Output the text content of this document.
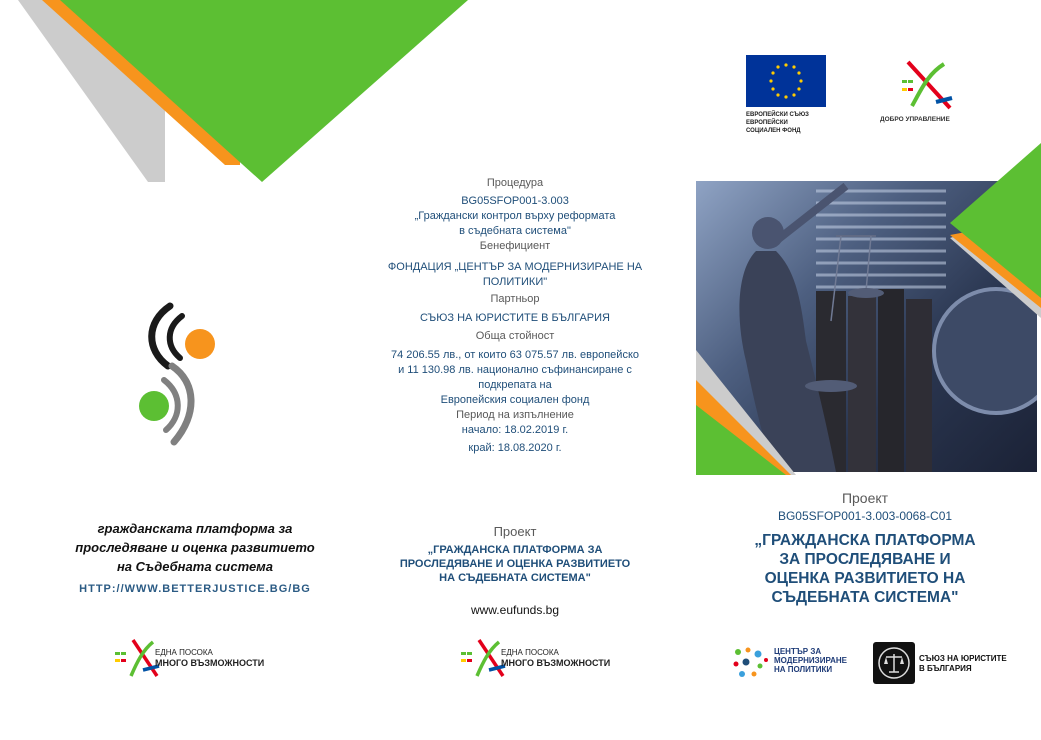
ЕВРОПЕЙСКИ СЪЮЗ
ЕВРОПЕЙСКИ
СОЦИАЛЕН ФОНД
ДОБРО УПРАВЛЕНИЕ
гражданската платформа за
проследяване и оценка развитието
на Съдебната система
HTTP://WWW.BETTERJUSTICE.BG/BG
ЕДНА ПОСОКА
МНОГО ВЪЗМОЖНОСТИ
Процедура
BG05SFOP001-3.003
„Граждански контрол върху реформата
в съдебната система"
Бенефициент
ФОНДАЦИЯ „ЦЕНТЪР ЗА МОДЕРНИЗИРАНЕ НА
ПОЛИТИКИ"
Партньор
СЪЮЗ НА ЮРИСТИТЕ В БЪЛГАРИЯ
Обща стойност
74 206.55 лв., от които 63 075.57 лв. европейско
и 11 130.98 лв. национално съфинансиране с
подкрепата на
Европейския социален фонд
Период на изпълнение
начало: 18.02.2019 г.
край: 18.08.2020 г.
Проект
„ГРАЖДАНСКА ПЛАТФОРМА ЗА
ПРОСЛЕДЯВАНЕ И ОЦЕНКА РАЗВИТИЕТО
НА СЪДЕБНАТА СИСТЕМА"
www.eufunds.bg
ЕДНА ПОСОКА
МНОГО ВЪЗМОЖНОСТИ
Проект
BG05SFOP001-3.003-0068-C01
„ГРАЖДАНСКА ПЛАТФОРМА
ЗА ПРОСЛЕДЯВАНЕ И
ОЦЕНКА РАЗВИТИЕТО НА
СЪДЕБНАТА СИСТЕМА"
ЦЕНТЪР ЗА
МОДЕРНИЗИРАНЕ
НА ПОЛИТИКИ
СЪЮЗ НА ЮРИСТИТЕ
В БЪЛГАРИЯ
